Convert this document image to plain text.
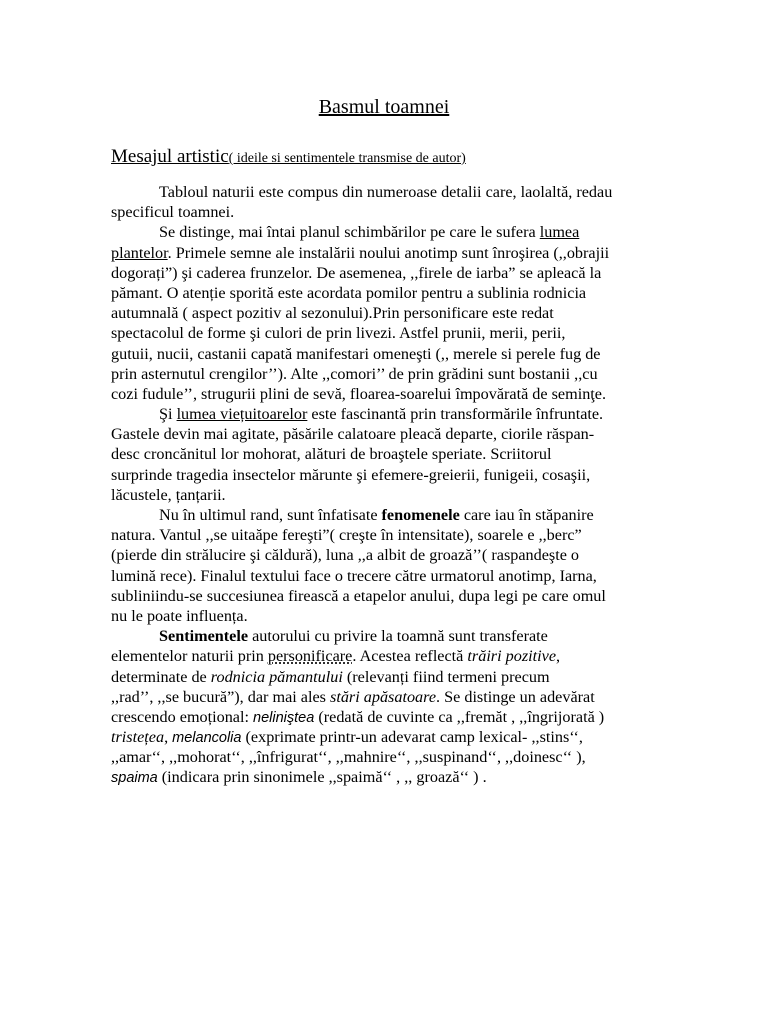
Basmul toamnei
Mesajul artistic( ideile si sentimentele transmise de autor)
Tabloul naturii este compus din numeroase detalii care, laolaltă, redau
specificul toamnei.
Se distinge, mai întai planul schimbărilor pe care le sufera lumea
plantelor. Primele semne ale instalării noului anotimp sunt înroşirea (,,obrajii
dogorați”) şi caderea frunzelor. De asemenea, ,,firele de iarba” se apleacă la
pămant. O atenție sporită este acordata pomilor pentru a sublinia rodnicia
autumnală ( aspect pozitiv al sezonului).Prin personificare este redat
spectacolul de forme şi culori de prin livezi. Astfel prunii, merii, perii,
gutuii, nucii, castanii capată manifestari omeneşti (,, merele si perele fug de
prin asternutul crengilor’’). Alte ,,comori’’ de prin grădini sunt bostanii ,,cu
cozi fudule’’, strugurii plini de sevă, floarea-soarelui împovărată de seminţe.
Şi lumea viețuitoarelor este fascinantă prin transformările înfruntate.
Gastele devin mai agitate, păsările calatoare pleacă departe, ciorile răspan-
desc croncănitul lor mohorat, alături de broaştele speriate. Scriitorul
surprinde tragedia insectelor mărunte şi efemere-greierii, funigeii, cosaşii,
lăcustele, țanțarii.
Nu în ultimul rand, sunt înfatisate fenomenele care iau în stăpanire
natura. Vantul ,,se uitaăpe fereşti”( creşte în intensitate), soarele e ,,berc”
(pierde din strălucire şi căldură), luna ,,a albit de groază’’( raspandeşte o
lumină rece). Finalul textului face o trecere către urmatorul anotimp, Iarna,
subliniindu-se succesiunea firească a etapelor anului, dupa legi pe care omul
nu le poate influența.
Sentimentele autorului cu privire la toamnă sunt transferate
elementelor naturii prin personificare. Acestea reflectă trăiri pozitive,
determinate de rodnicia pămantului (relevanți fiind termeni precum
,,rad’’, ,,se bucură”), dar mai ales stări apăsatoare. Se distinge un adevărat
crescendo emoțional: neliniştea (redată de cuvinte ca ,,fremăt , ,,îngrijorată )
tristețea, melancolia (exprimate printr-un adevarat camp lexical- ,,stins‘‘,
,,amar‘‘, ,,mohorat‘‘, ,,înfrigurat‘‘, ,,mahnire‘‘, ,,suspinand‘‘, ,,doinesc‘‘ ),
spaima (indicara prin sinonimele ,,spaimă‘‘ , ,, groază‘‘ ) .
